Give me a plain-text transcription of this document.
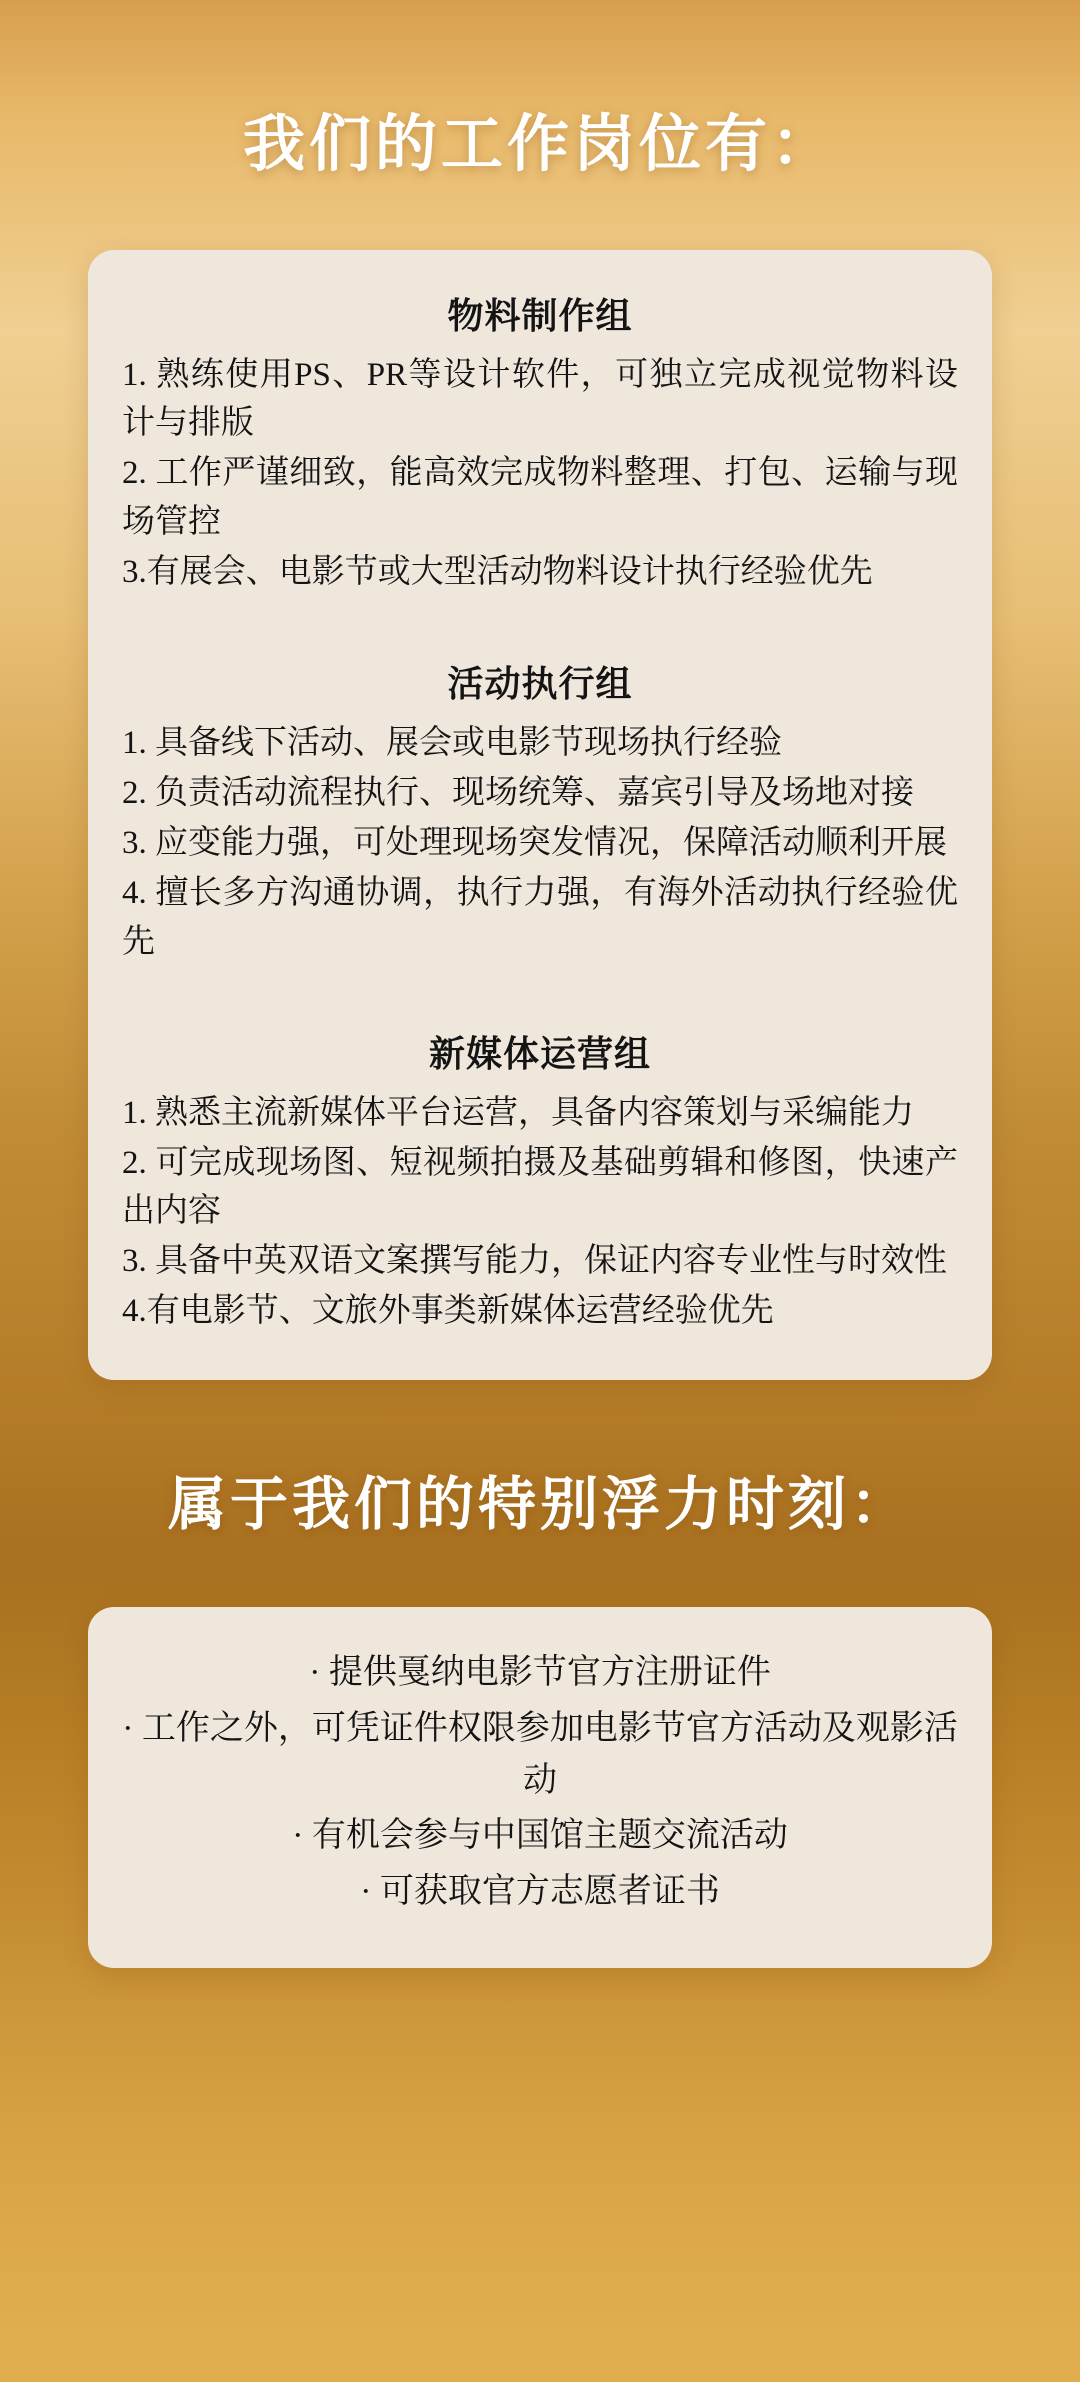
我们的工作岗位有：
物料制作组
1. 熟练使用PS、PR等设计软件，可独立完成视觉物料设计与排版
2. 工作严谨细致，能高效完成物料整理、打包、运输与现场管控
3.有展会、电影节或大型活动物料设计执行经验优先
活动执行组
1. 具备线下活动、展会或电影节现场执行经验
2. 负责活动流程执行、现场统筹、嘉宾引导及场地对接
3. 应变能力强，可处理现场突发情况，保障活动顺利开展
4. 擅长多方沟通协调，执行力强，有海外活动执行经验优先
新媒体运营组
1. 熟悉主流新媒体平台运营，具备内容策划与采编能力
2. 可完成现场图、短视频拍摄及基础剪辑和修图，快速产出内容
3. 具备中英双语文案撰写能力，保证内容专业性与时效性
4.有电影节、文旅外事类新媒体运营经验优先
属于我们的特别浮力时刻：
· 提供戛纳电影节官方注册证件
· 工作之外，可凭证件权限参加电影节官方活动及观影活动
· 有机会参与中国馆主题交流活动
· 可获取官方志愿者证书
